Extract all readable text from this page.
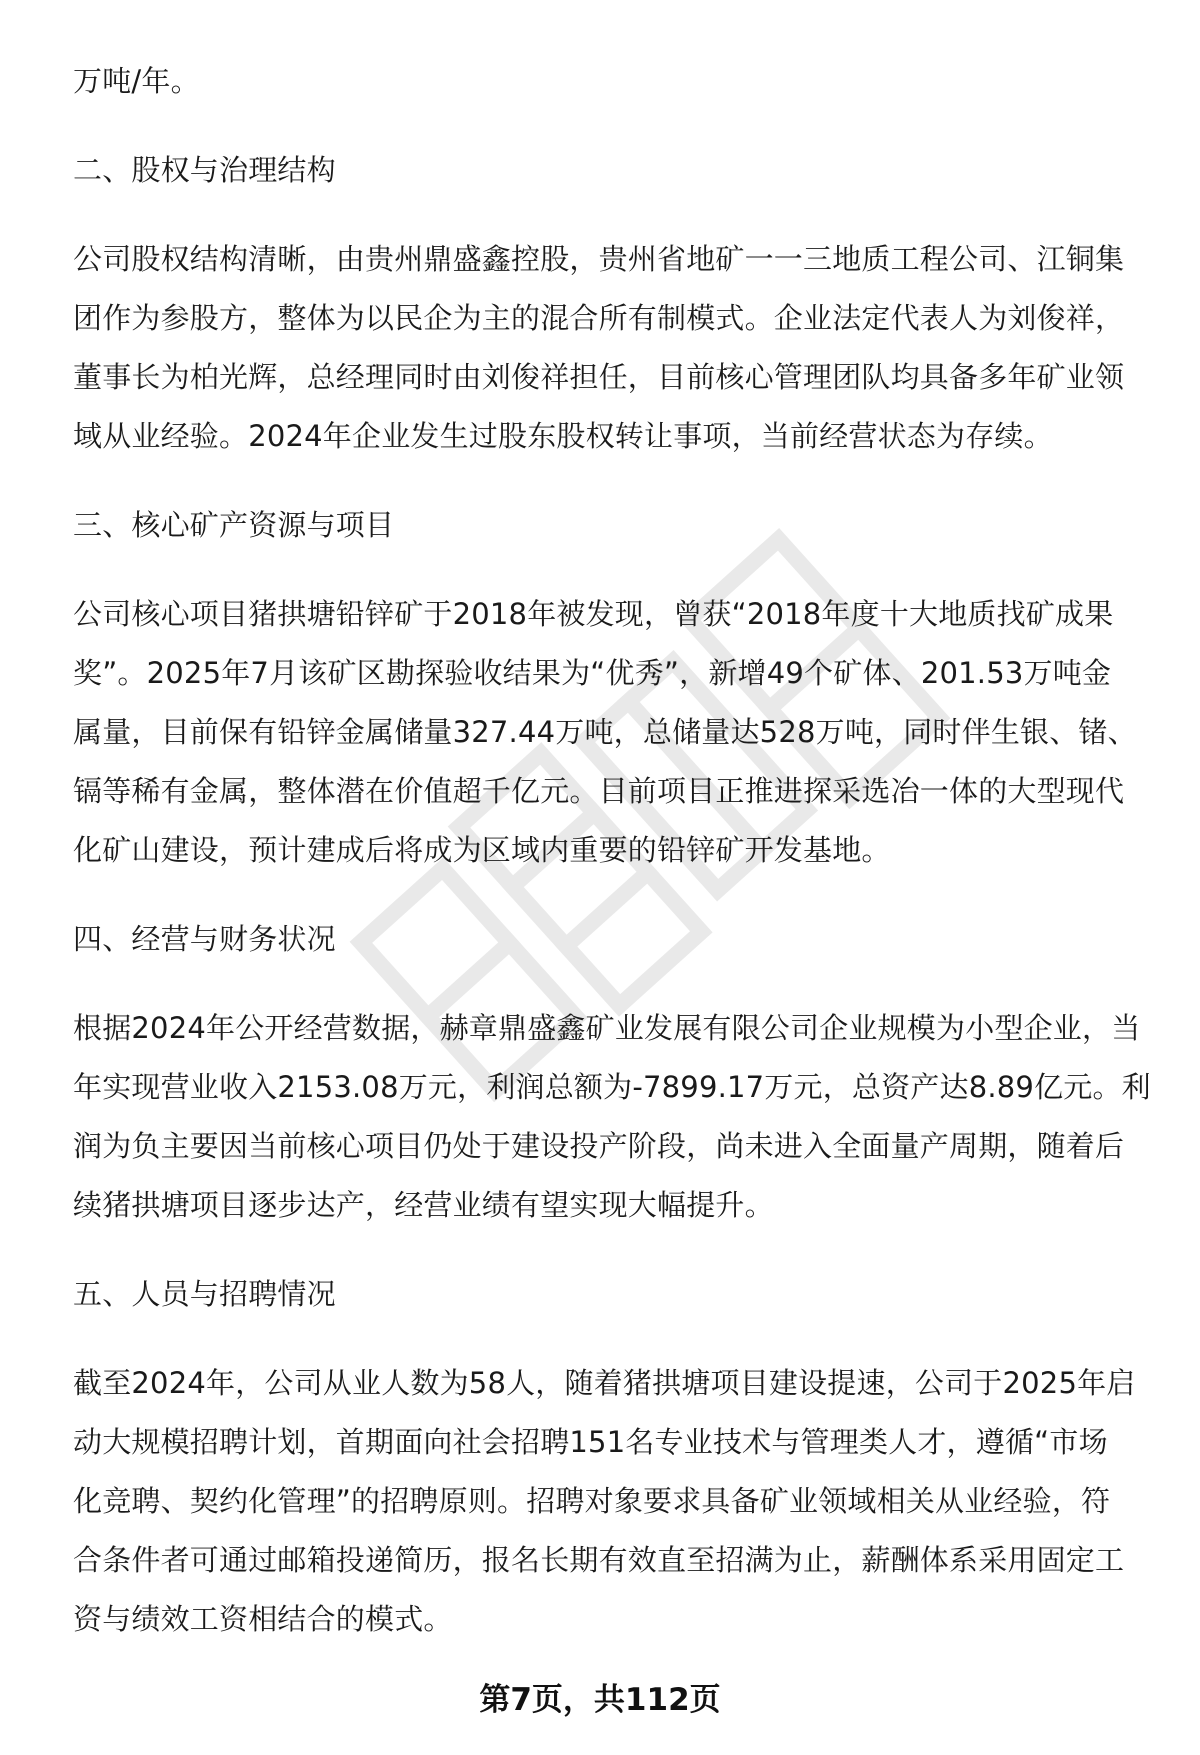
万吨/年。
二、股权与治理结构
公司股权结构清晰，由贵州鼎盛鑫控股，贵州省地矿一一三地质工程公司、江铜集
团作为参股方，整体为以民企为主的混合所有制模式。企业法定代表人为刘俊祥，
董事长为柏光辉，总经理同时由刘俊祥担任，目前核心管理团队均具备多年矿业领
域从业经验。2024年企业发生过股东股权转让事项，当前经营状态为存续。
三、核心矿产资源与项目
公司核心项目猪拱塘铅锌矿于2018年被发现，曾获“2018年度十大地质找矿成果
奖”。2025年7月该矿区勘探验收结果为“优秀”，新增49个矿体、201.53万吨金
属量，目前保有铅锌金属储量327.44万吨，总储量达528万吨，同时伴生银、锗、
镉等稀有金属，整体潜在价值超千亿元。目前项目正推进探采选冶一体的大型现代
化矿山建设，预计建成后将成为区域内重要的铅锌矿开发基地。
四、经营与财务状况
根据2024年公开经营数据，赫章鼎盛鑫矿业发展有限公司企业规模为小型企业，当
年实现营业收入2153.08万元，利润总额为-7899.17万元，总资产达8.89亿元。利
润为负主要因当前核心项目仍处于建设投产阶段，尚未进入全面量产周期，随着后
续猪拱塘项目逐步达产，经营业绩有望实现大幅提升。
五、人员与招聘情况
截至2024年，公司从业人数为58人，随着猪拱塘项目建设提速，公司于2025年启
动大规模招聘计划，首期面向社会招聘151名专业技术与管理类人才，遵循“市场
化竞聘、契约化管理”的招聘原则。招聘对象要求具备矿业领域相关从业经验，符
合条件者可通过邮箱投递简历，报名长期有效直至招满为止，薪酬体系采用固定工
资与绩效工资相结合的模式。
第7页，共112页
